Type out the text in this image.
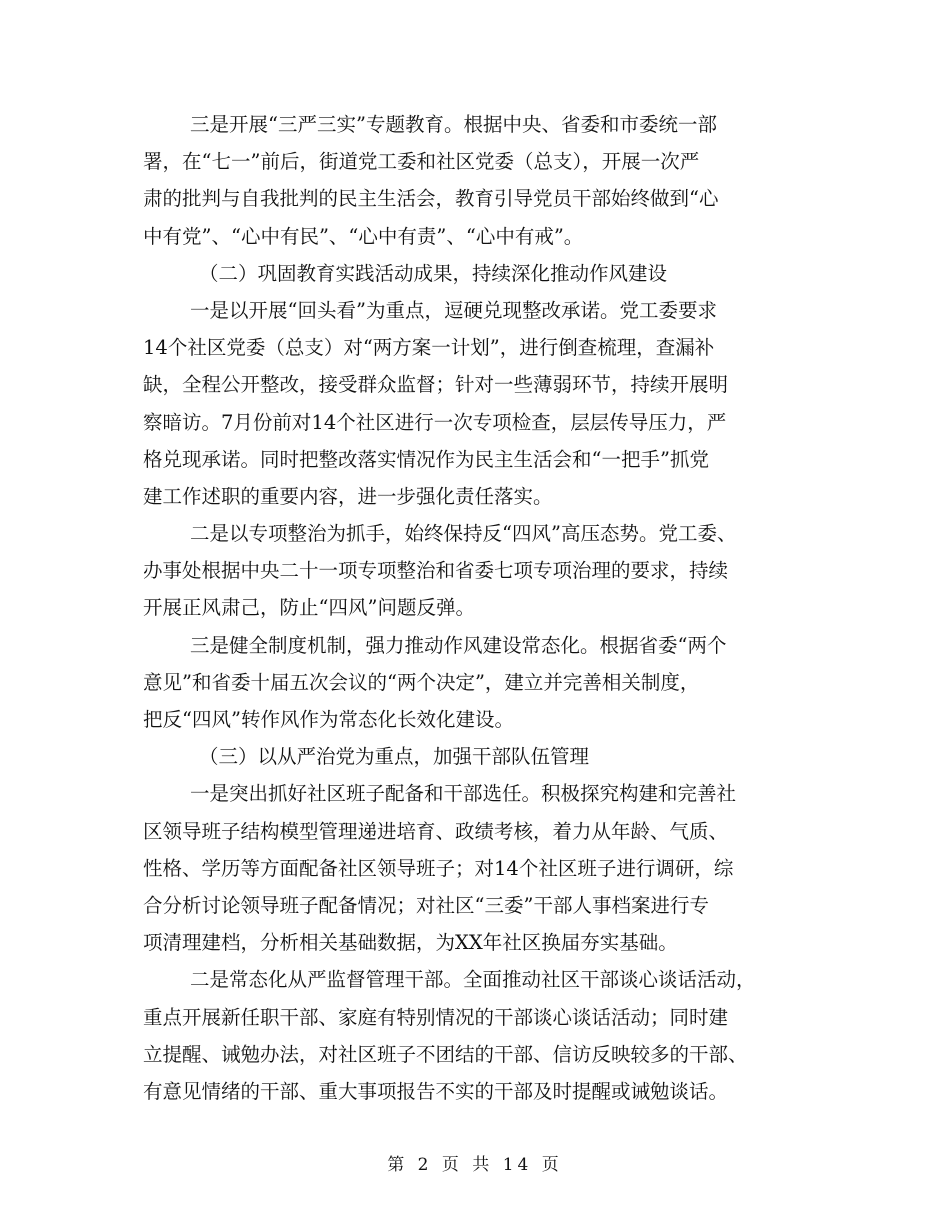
三是开展“三严三实”专题教育。根据中央、省委和市委统一部
署，在“七一”前后，街道党工委和社区党委（总支），开展一次严
肃的批判与自我批判的民主生活会，教育引导党员干部始终做到“心
中有党”、“心中有民”、“心中有责”、“心中有戒”。
（二）巩固教育实践活动成果，持续深化推动作风建设
一是以开展“回头看”为重点，逗硬兑现整改承诺。党工委要求
14个社区党委（总支）对“两方案一计划”，进行倒查梳理，查漏补
缺，全程公开整改，接受群众监督；针对一些薄弱环节，持续开展明
察暗访。7月份前对14个社区进行一次专项检查，层层传导压力，严
格兑现承诺。同时把整改落实情况作为民主生活会和“一把手”抓党
建工作述职的重要内容，进一步强化责任落实。
二是以专项整治为抓手，始终保持反“四风”高压态势。党工委、
办事处根据中央二十一项专项整治和省委七项专项治理的要求，持续
开展正风肃己，防止“四风”问题反弹。
三是健全制度机制，强力推动作风建设常态化。根据省委“两个
意见”和省委十届五次会议的“两个决定”，建立并完善相关制度，
把反“四风”转作风作为常态化长效化建设。
（三）以从严治党为重点，加强干部队伍管理
一是突出抓好社区班子配备和干部选任。积极探究构建和完善社
区领导班子结构模型管理递进培育、政绩考核，着力从年龄、气质、
性格、学历等方面配备社区领导班子；对14个社区班子进行调研，综
合分析讨论领导班子配备情况；对社区“三委”干部人事档案进行专
项清理建档，分析相关基础数据，为XX年社区换届夯实基础。
二是常态化从严监督管理干部。全面推动社区干部谈心谈话活动，
重点开展新任职干部、家庭有特别情况的干部谈心谈话活动；同时建
立提醒、诫勉办法，对社区班子不团结的干部、信访反映较多的干部、
有意见情绪的干部、重大事项报告不实的干部及时提醒或诫勉谈话。
第 2 页 共 14 页
